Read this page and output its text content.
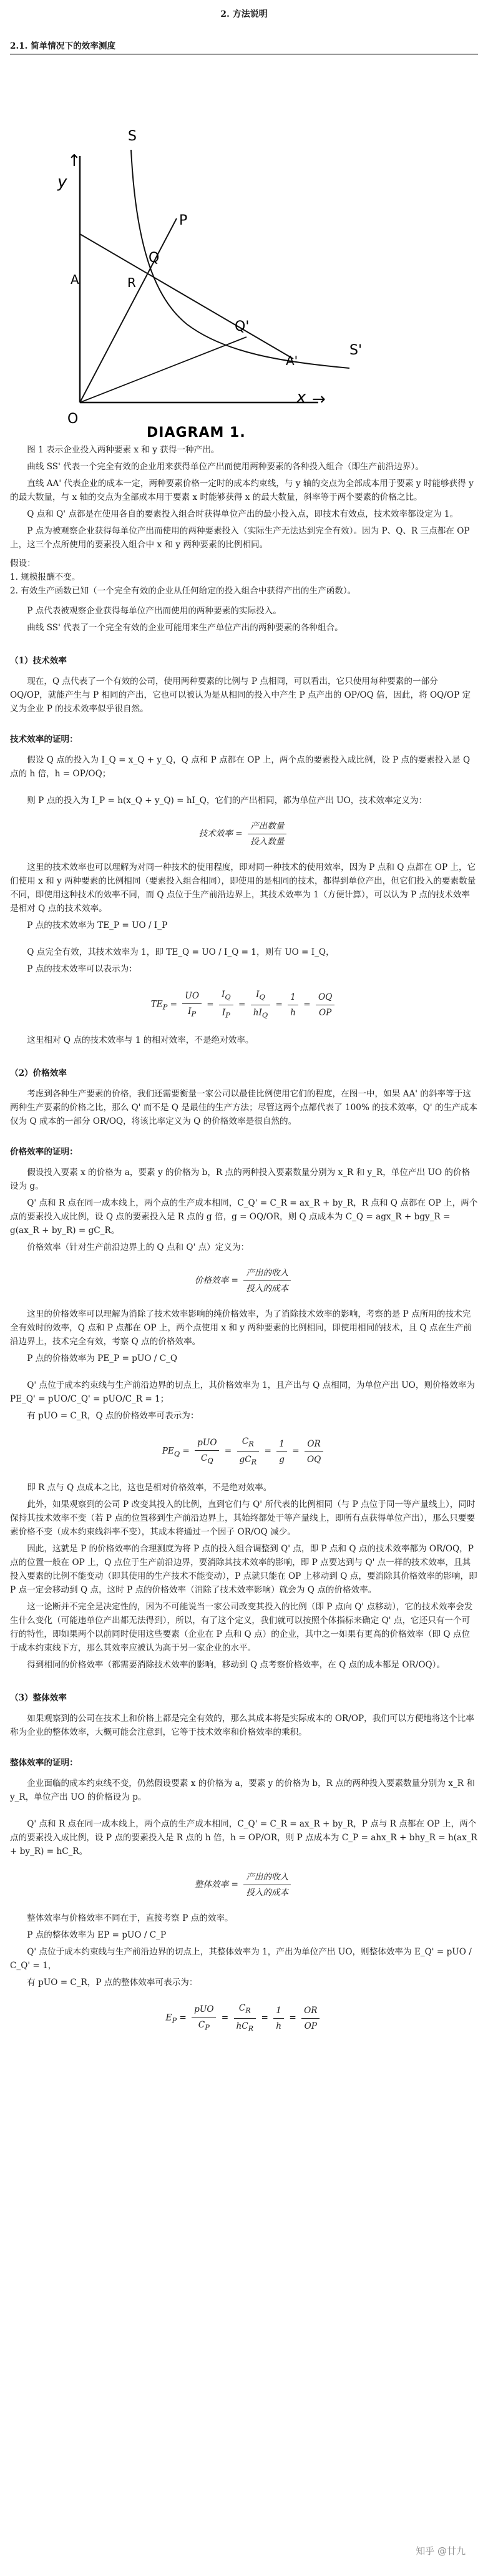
2. 方法说明
2.1. 简单情况下的效率测度
y
↑
→
x
O
S
S'
P
Q
R
A
A'
Q'
DIAGRAM 1.
图 1 表示企业投入两种要素 x 和 y 获得一种产出。
曲线 SS' 代表一个完全有效的企业用来获得单位产出而使用两种要素的各种投入组合（即生产前沿边界）。
直线 AA' 代表企业的成本一定，两种要素价格一定时的成本约束线，与 y 轴的交点为全部成本用于要素 y 时能够获得 y 的最大数量，与 x 轴的交点为全部成本用于要素 x 时能够获得 x 的最大数量，斜率等于两个要素的价格之比。
Q 点和 Q' 点都是在使用各自的要素投入组合时获得单位产出的最小投入点，即技术有效点，技术效率都设定为 1。
P 点为被观察企业获得每单位产出而使用的两种要素投入（实际生产无法达到完全有效）。因为 P、Q、R 三点都在 OP 上，这三个点所使用的要素投入组合中 x 和 y 两种要素的比例相同。
假设：
1. 规模报酬不变。
2. 有效生产函数已知（一个完全有效的企业从任何给定的投入组合中获得产出的生产函数）。
P 点代表被观察企业获得每单位产出而使用的两种要素的实际投入。
曲线 SS' 代表了一个完全有效的企业可能用来生产单位产出的两种要素的各种组合。
（1）技术效率
现在，Q 点代表了一个有效的公司，使用两种要素的比例与 P 点相同，可以看出，它只使用每种要素的一部分 OQ/OP，就能产生与 P 相同的产出，它也可以被认为是从相同的投入中产生 P 点产出的 OP/OQ 倍，因此，将 OQ/OP 定义为企业 P 的技术效率似乎很自然。
技术效率的证明：
假设 Q 点的投入为 I_Q = x_Q + y_Q，Q 点和 P 点都在 OP 上，两个点的要素投入成比例，设 P 点的要素投入是 Q 点的 h 倍，h = OP/OQ；
则 P 点的投入为 I_P = h(x_Q + y_Q) = hI_Q，它们的产出相同，都为单位产出 UO，技术效率定义为：
技术效率 = $\frac{\text{产出数量}}{\text{投入数量}}$
这里的技术效率也可以理解为对同一种技术的使用程度，即对同一种技术的使用效率，因为 P 点和 Q 点都在 OP 上，它们使用 x 和 y 两种要素的比例相同（要素投入组合相同），即使用的是相同的技术，都得到单位产出，但它们投入的要素数量不同，即使用这种技术的效率不同，而 Q 点位于生产前沿边界上，其技术效率为 1（方便计算），可以认为 P 点的技术效率是相对 Q 点的技术效率。
P 点的技术效率为 TE_P = UO / I_P
Q 点完全有效，其技术效率为 1，即 TE_Q = UO / I_Q = 1，则有 UO = I_Q，
P 点的技术效率可以表示为：
$TE_P = \frac{UO}{I_P} = \frac{I_Q}{I_P} = \frac{I_Q}{hI_Q} = \frac{1}{h} = \frac{OQ}{OP}$
这里相对 Q 点的技术效率与 1 的相对效率，不是绝对效率。
（2）价格效率
考虑到各种生产要素的价格，我们还需要衡量一家公司以最佳比例使用它们的程度，在图一中，如果 AA' 的斜率等于这两种生产要素的价格之比，那么 Q' 而不是 Q 是最佳的生产方法；尽管这两个点都代表了 100% 的技术效率，Q' 的生产成本仅为 Q 成本的一部分 OR/OQ，将该比率定义为 Q 的价格效率是很自然的。
价格效率的证明：
假设投入要素 x 的价格为 a，要素 y 的价格为 b，R 点的两种投入要素数量分别为 x_R 和 y_R，单位产出 UO 的价格设为 g。
Q' 点和 R 点在同一成本线上，两个点的生产成本相同，C_Q' = C_R = ax_R + by_R，R 点和 Q 点都在 OP 上，两个点的要素投入成比例，设 Q 点的要素投入是 R 点的 g 倍，g = OQ/OR，则 Q 点成本为 C_Q = agx_R + bgy_R = g(ax_R + by_R) = gC_R。
价格效率（针对生产前沿边界上的 Q 点和 Q' 点）定义为：
价格效率 = $\frac{\text{产出的收入}}{\text{投入的成本}}$
这里的价格效率可以理解为消除了技术效率影响的纯价格效率，为了消除技术效率的影响，考察的是 P 点所用的技术完全有效时的效率，Q 点和 P 点都在 OP 上，两个点使用 x 和 y 两种要素的比例相同，即使用相同的技术，且 Q 点在生产前沿边界上，技术完全有效，考察 Q 点的价格效率。
P 点的价格效率为 PE_P = pUO / C_Q
Q' 点位于成本约束线与生产前沿边界的切点上，其价格效率为 1，且产出与 Q 点相同，为单位产出 UO，则价格效率为 PE_Q' = pUO/C_Q' = pUO/C_R = 1；
有 pUO = C_R，Q 点的价格效率可表示为：
$PE_Q = \frac{\text{pUO}}{C_Q} = \frac{C_R}{gC_R} = \frac{1}{g} = \frac{OR}{OQ}$
即 R 点与 Q 点成本之比，这也是相对价格效率，不是绝对效率。
此外，如果观察到的公司 P 改变其投入的比例，直到它们与 Q' 所代表的比例相同（与 P 点位于同一等产量线上），同时保持其技术效率不变（若 P 点的位置移到生产前沿边界上，其始终都处于等产量线上，即所有点获得单位产出），那么只要要素价格不变（成本约束线斜率不变），其成本将通过一个因子 OR/OQ 减少。
因此，这就是 P 的价格效率的合理测度为将 P 点的投入组合调整到 Q' 点，即 P 点和 Q 点的技术效率都为 OR/OQ，P 点的位置一般在 OP 上，Q 点位于生产前沿边界，要消除其技术效率的影响，即 P 点要达到与 Q' 点一样的技术效率，且其投入要素的比例不能变动（即其使用的生产技术不能变动），P 点就只能在 OP 上移动到 Q 点，要消除其价格效率的影响，即 P 点一定会移动到 Q 点，这时 P 点的价格效率（消除了技术效率影响）就会为 Q 点的价格效率。
这一论断并不完全是决定性的，因为不可能说当一家公司改变其投入的比例（即 P 点向 Q' 点移动），它的技术效率会发生什么变化（可能违单位产出都无法得到），所以，有了这个定义，我们就可以按照个体指标来确定 Q' 点，它还只有一个可行的特性，即如果两个以前同时使用这些要素（企业在 P 点和 Q 点）的企业，其中之一如果有更高的价格效率（即 Q 点位于成本约束线下方，那么其效率应被认为高于另一家企业的水平。
得到相同的价格效率（都需要消除技术效率的影响，移动到 Q 点考察价格效率，在 Q 点的成本都是 OR/OQ）。
（3）整体效率
如果观察到的公司在技术上和价格上都是完全有效的，那么其成本将是实际成本的 OR/OP，我们可以方便地将这个比率称为企业的整体效率，大概可能会注意到，它等于技术效率和价格效率的乘积。
整体效率的证明：
企业面临的成本约束线不变，仍然假设要素 x 的价格为 a，要素 y 的价格为 b，R 点的两种投入要素数量分别为 x_R 和 y_R，单位产出 UO 的价格设为 p。
Q' 点和 R 点在同一成本线上，两个点的生产成本相同，C_Q' = C_R = ax_R + by_R，P 点与 R 点都在 OP 上，两个点的要素投入成比例，设 P 点的要素投入是 R 点的 h 倍，h = OP/OR，则 P 点成本为 C_P = ahx_R + bhy_R = h(ax_R + by_R) = hC_R。
整体效率 = $\frac{\text{产出的收入}}{\text{投入的成本}}$
整体效率与价格效率不同在于，直接考察 P 点的效率。
P 点的整体效率为 EP = pUO / C_P
Q' 点位于成本约束线与生产前沿边界的切点上，其整体效率为 1，产出为单位产出 UO，则整体效率为 E_Q' = pUO / C_Q' = 1，
有 pUO = C_R，P 点的整体效率可表示为：
$E_P = \frac{\text{pUO}}{C_P} = \frac{C_R}{hC_R} = \frac{1}{h} = \frac{OR}{OP}$
知乎 @廿九
